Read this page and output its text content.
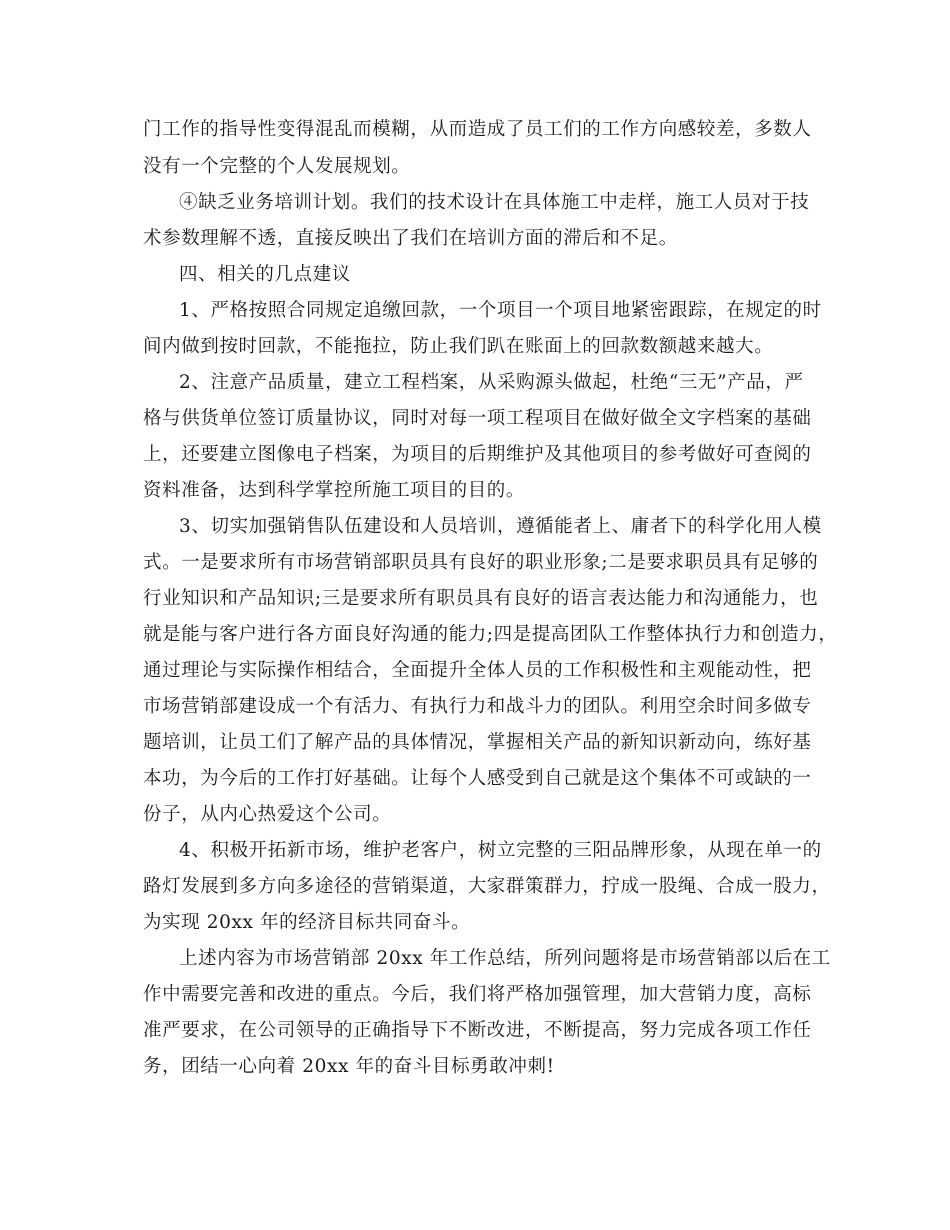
门工作的指导性变得混乱而模糊，从而造成了员工们的工作方向感较差，多数人
没有一个完整的个人发展规划。
④缺乏业务培训计划。我们的技术设计在具体施工中走样，施工人员对于技
术参数理解不透，直接反映出了我们在培训方面的滞后和不足。
四、相关的几点建议
1、严格按照合同规定追缴回款，一个项目一个项目地紧密跟踪，在规定的时
间内做到按时回款，不能拖拉，防止我们趴在账面上的回款数额越来越大。
2、注意产品质量，建立工程档案，从采购源头做起，杜绝“三无”产品，严
格与供货单位签订质量协议，同时对每一项工程项目在做好做全文字档案的基础
上，还要建立图像电子档案，为项目的后期维护及其他项目的参考做好可查阅的
资料准备，达到科学掌控所施工项目的目的。
3、切实加强销售队伍建设和人员培训，遵循能者上、庸者下的科学化用人模
式。一是要求所有市场营销部职员具有良好的职业形象;二是要求职员具有足够的
行业知识和产品知识;三是要求所有职员具有良好的语言表达能力和沟通能力，也
就是能与客户进行各方面良好沟通的能力;四是提高团队工作整体执行力和创造力，
通过理论与实际操作相结合，全面提升全体人员的工作积极性和主观能动性，把
市场营销部建设成一个有活力、有执行力和战斗力的团队。利用空余时间多做专
题培训，让员工们了解产品的具体情况，掌握相关产品的新知识新动向，练好基
本功，为今后的工作打好基础。让每个人感受到自己就是这个集体不可或缺的一
份子，从内心热爱这个公司。
4、积极开拓新市场，维护老客户，树立完整的三阳品牌形象，从现在单一的
路灯发展到多方向多途径的营销渠道，大家群策群力，拧成一股绳、合成一股力，
为实现 20xx 年的经济目标共同奋斗。
上述内容为市场营销部 20xx 年工作总结，所列问题将是市场营销部以后在工
作中需要完善和改进的重点。今后，我们将严格加强管理，加大营销力度，高标
准严要求，在公司领导的正确指导下不断改进，不断提高，努力完成各项工作任
务，团结一心向着 20xx 年的奋斗目标勇敢冲刺!
